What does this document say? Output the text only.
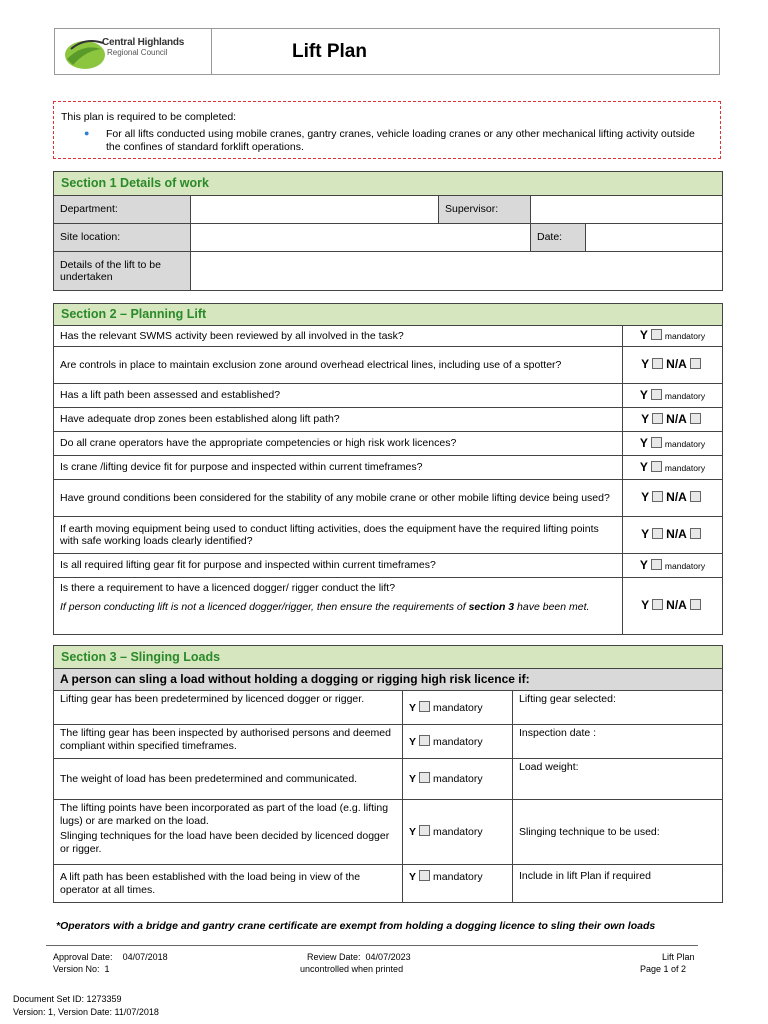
Central Highlands
Regional Council	Lift Plan
This plan is required to be completed:
● For all lifts conducted using mobile cranes, gantry cranes, vehicle loading cranes or any other mechanical lifting activity outside the confines of standard forklift operations.
Section 1 Details of work				
Department:		Supervisor:		
Site location:			Date:	
Details of the lift to be undertaken				
Section 2 – Planning Lift	
Has the relevant SWMS activity been reviewed by all involved in the task?	Y mandatory
Are controls in place to maintain exclusion zone around overhead electrical lines, including use of a spotter?	Y N/A
Has a lift path been assessed and established?	Y mandatory
Have adequate drop zones been established along lift path?	Y N/A
Do all crane operators have the appropriate competencies or high risk work licences?	Y mandatory
Is crane /lifting device fit for purpose and inspected within current timeframes?	Y mandatory
Have ground conditions been considered for the stability of any mobile crane or other mobile lifting device being used?	Y N/A
If earth moving equipment being used to conduct lifting activities, does the equipment have the required lifting points with safe working loads clearly identified?	Y N/A
Is all required lifting gear fit for purpose and inspected within current timeframes?	Y mandatory

Is there a requirement to have a licenced dogger/ rigger conduct the lift?
If person conducting lift is not a licenced dogger/rigger, then ensure the requirements of section 3 have been met.	Y N/A
Section 3 – Slinging Loads		
A person can sling a load without holding a dogging or rigging high risk licence if:		
Lifting gear has been predetermined by licenced dogger or rigger.	Y mandatory	Lifting gear selected:
The lifting gear has been inspected by authorised persons and deemed compliant within specified timeframes.	Y mandatory	Inspection date :
The weight of load has been predetermined and communicated.	Y mandatory	Load weight:

The lifting points have been incorporated as part of the load (e.g. lifting lugs) or are marked on the load.
Slinging techniques for the load have been decided by licenced dogger or rigger.	Y mandatory	Slinging technique to be used:
A lift path has been established with the load being in view of the operator at all times.	Y mandatory	Include in lift Plan if required
*Operators with a bridge and gantry crane certificate are exempt from holding a dogging licence to sling their own loads
Approval Date: 04/07/2018
Version No: 1
Review Date: 04/07/2023
uncontrolled when printed
Lift Plan
Page 1 of 2
Document Set ID: 1273359
Version: 1, Version Date: 11/07/2018
